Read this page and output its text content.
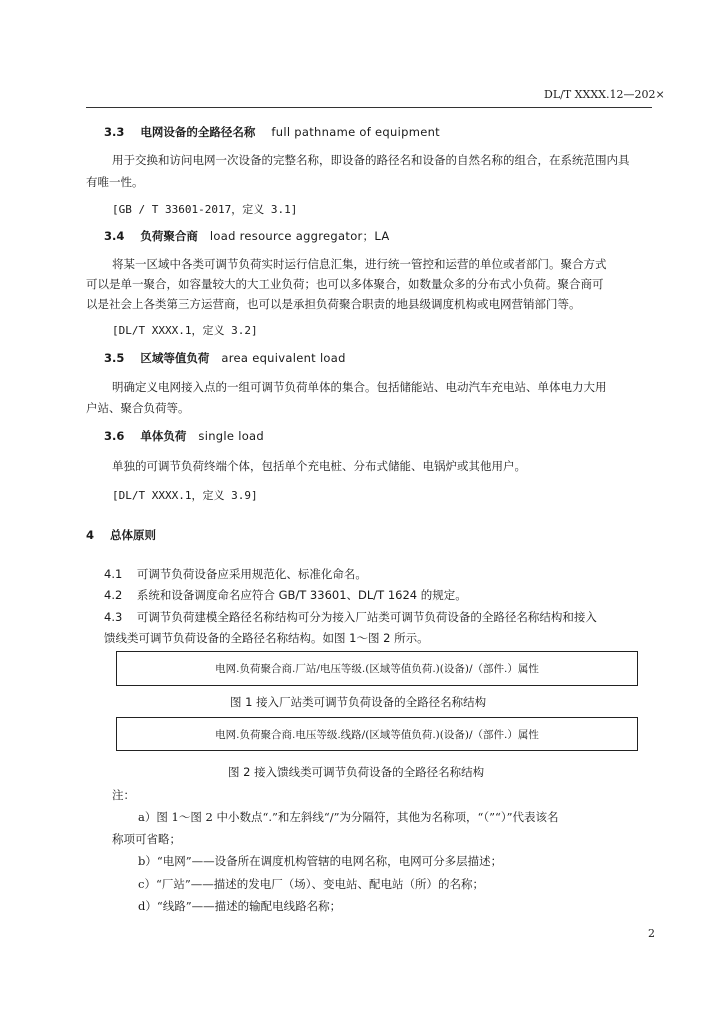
DL/T XXXX.12—202×
3.3 电网设备的全路径名称 full pathname of equipment
用于交换和访问电网一次设备的完整名称，即设备的路径名和设备的自然名称的组合，在系统范围内具
有唯一性。
[GB / T 33601-2017，定义 3.1]
3.4 负荷聚合商 load resource aggregator；LA
将某一区域中各类可调节负荷实时运行信息汇集，进行统一管控和运营的单位或者部门。聚合方式
可以是单一聚合，如容量较大的大工业负荷；也可以多体聚合，如数量众多的分布式小负荷。聚合商可
以是社会上各类第三方运营商，也可以是承担负荷聚合职责的地县级调度机构或电网营销部门等。
[DL/T XXXX.1，定义 3.2]
3.5 区域等值负荷 area equivalent load
明确定义电网接入点的一组可调节负荷单体的集合。包括储能站、电动汽车充电站、单体电力大用
户站、聚合负荷等。
3.6 单体负荷 single load
单独的可调节负荷终端个体，包括单个充电桩、分布式储能、电锅炉或其他用户。
[DL/T XXXX.1，定义 3.9]
4 总体原则
4.1 可调节负荷设备应采用规范化、标准化命名。
4.2 系统和设备调度命名应符合 GB/T 33601、DL/T 1624 的规定。
4.3 可调节负荷建模全路径名称结构可分为接入厂站类可调节负荷设备的全路径名称结构和接入
馈线类可调节负荷设备的全路径名称结构。如图 1～图 2 所示。
电网.负荷聚合商.厂站/电压等级.(区域等值负荷.)(设备)/（部件.）属性
图 1 接入厂站类可调节负荷设备的全路径名称结构
电网.负荷聚合商.电压等级.线路/(区域等值负荷.)(设备)/（部件.）属性
图 2 接入馈线类可调节负荷设备的全路径名称结构
注：
a）图 1～图 2 中小数点“.”和左斜线“/”为分隔符，其他为名称项，“（”“）”代表该名
称项可省略；
b）“电网”——设备所在调度机构管辖的电网名称，电网可分多层描述；
c）“厂站”——描述的发电厂（场）、变电站、配电站（所）的名称；
d）“线路”——描述的输配电线路名称；
2
